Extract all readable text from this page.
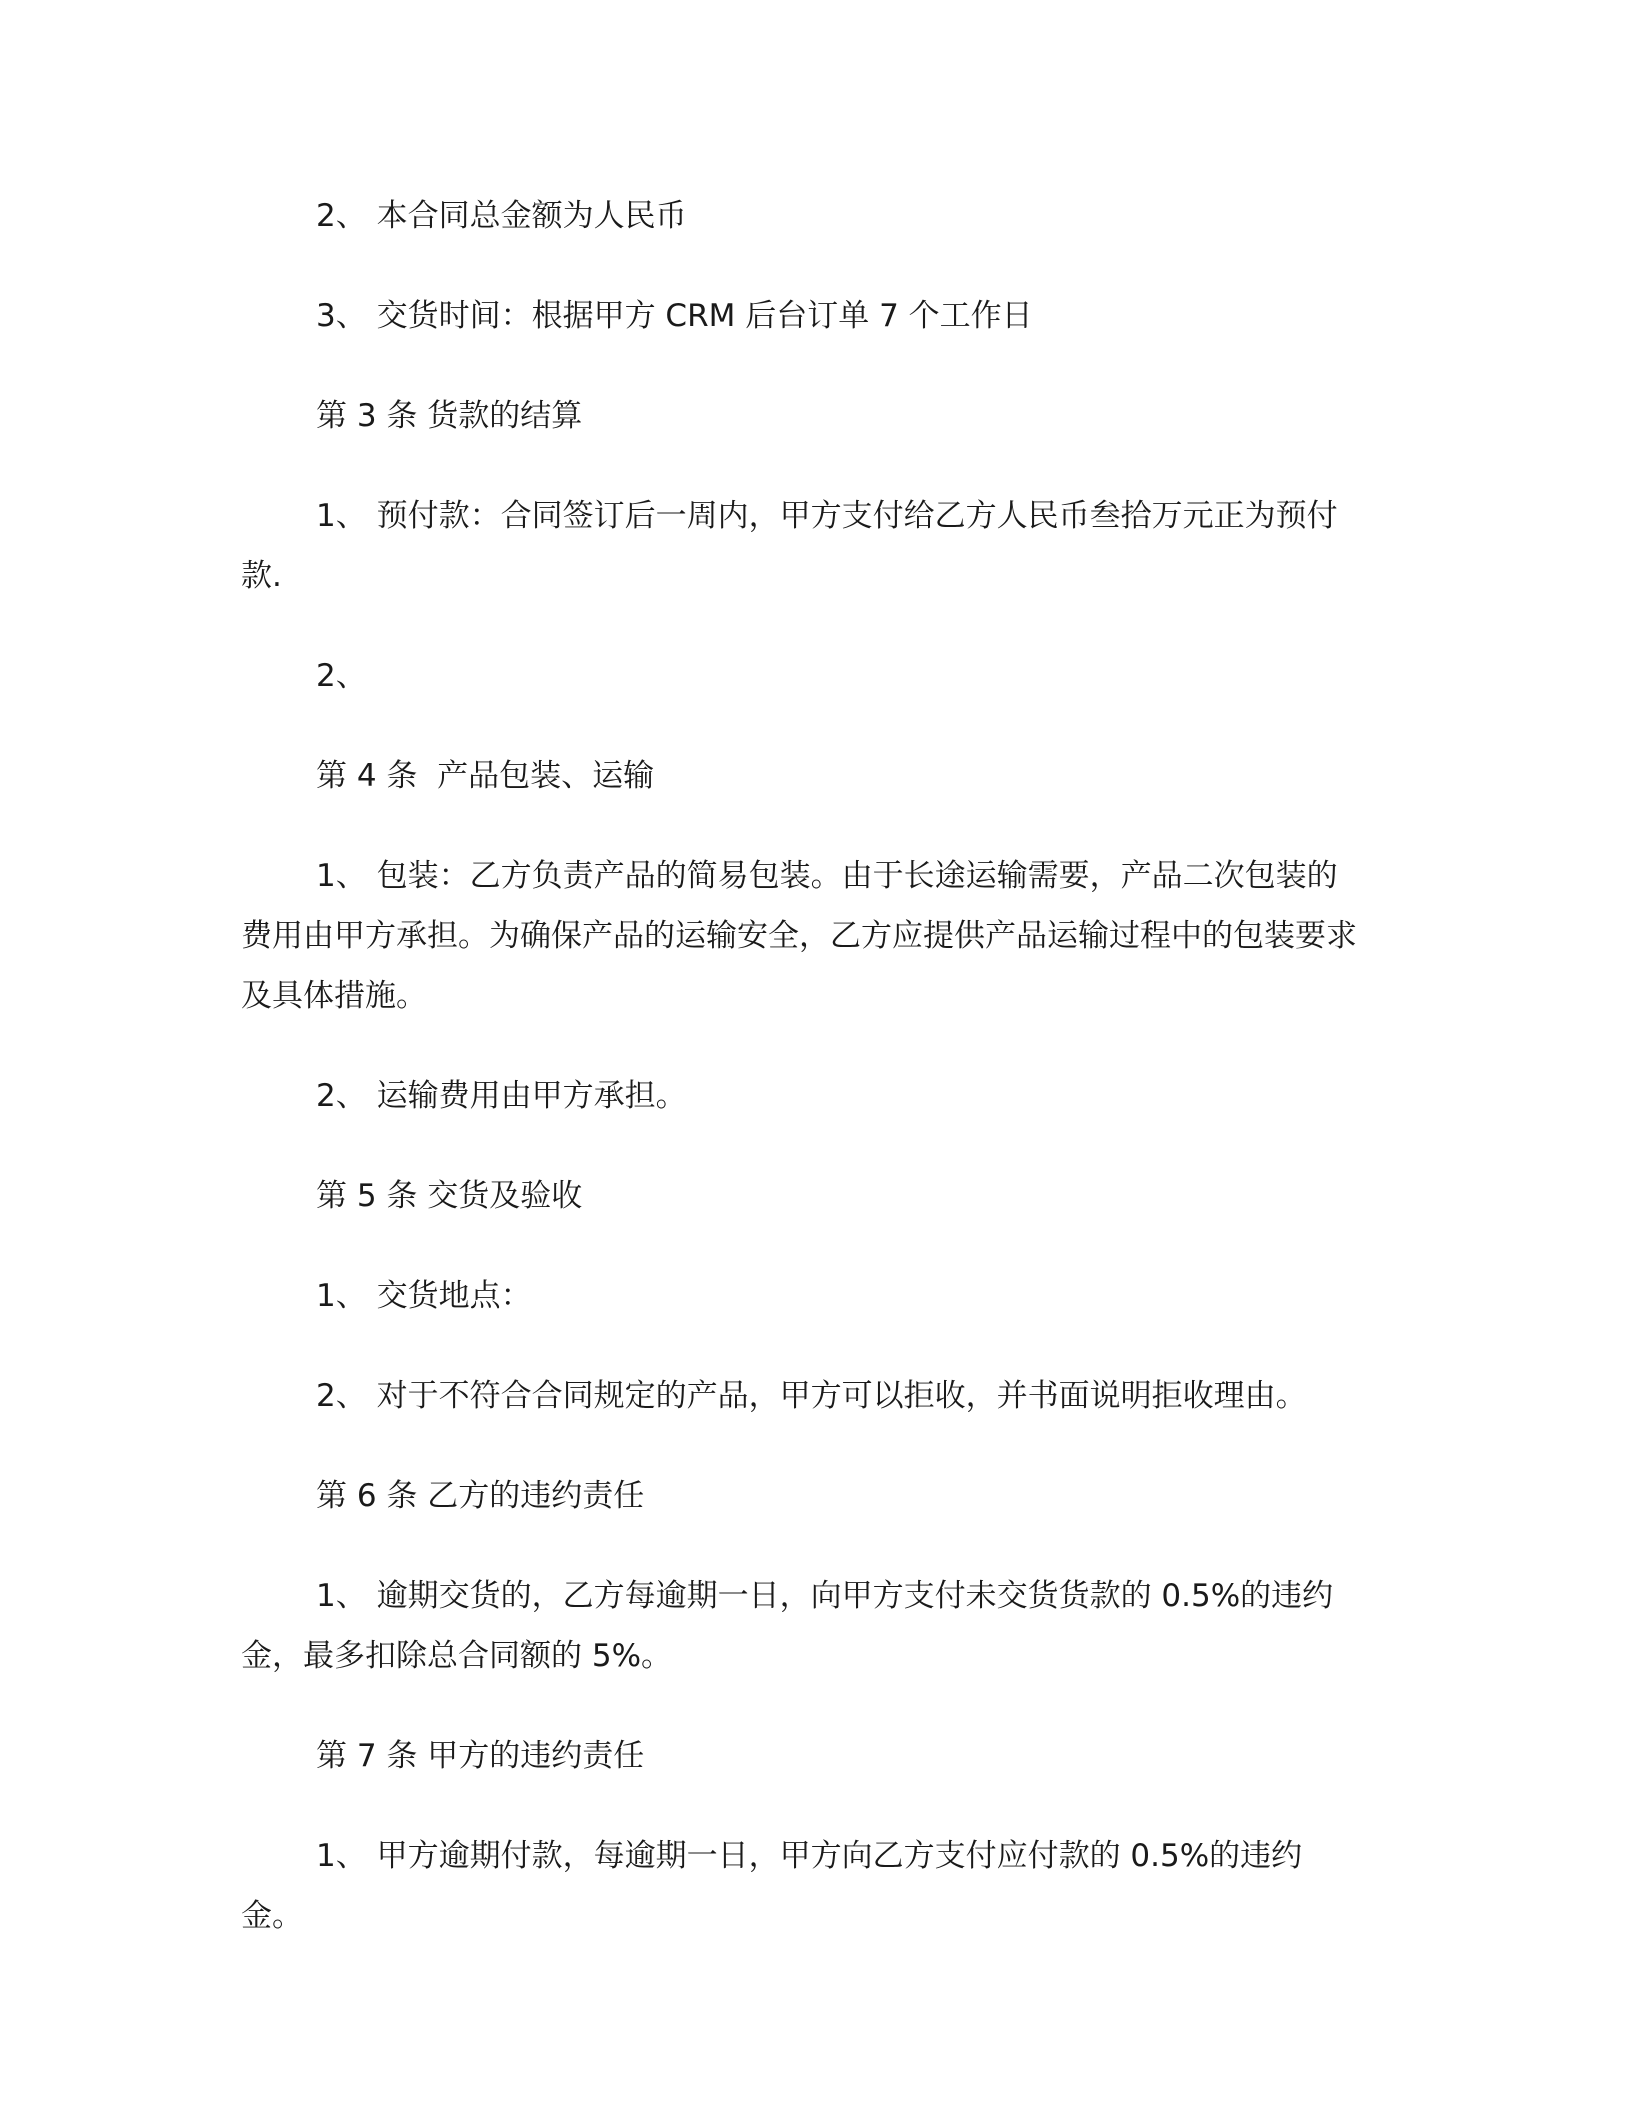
2、 本合同总金额为人民币

3、 交货时间：根据甲方 CRM 后台订单 7 个工作日

第 3 条 货款的结算

1、 预付款：合同签订后一周内，甲方支付给乙方人民币叁拾万元正为预付款.

2、

第 4 条  产品包装、运输

1、 包装：乙方负责产品的简易包装。由于长途运输需要，产品二次包装的费用由甲方承担。为确保产品的运输安全，乙方应提供产品运输过程中的包装要求及具体措施。

2、 运输费用由甲方承担。

第 5 条 交货及验收

1、 交货地点：

2、 对于不符合合同规定的产品，甲方可以拒收，并书面说明拒收理由。

第 6 条 乙方的违约责任

1、 逾期交货的，乙方每逾期一日，向甲方支付未交货货款的 0.5%的违约金，最多扣除总合同额的 5%。

第 7 条 甲方的违约责任

1、 甲方逾期付款，每逾期一日，甲方向乙方支付应付款的 0.5%的违约金。
